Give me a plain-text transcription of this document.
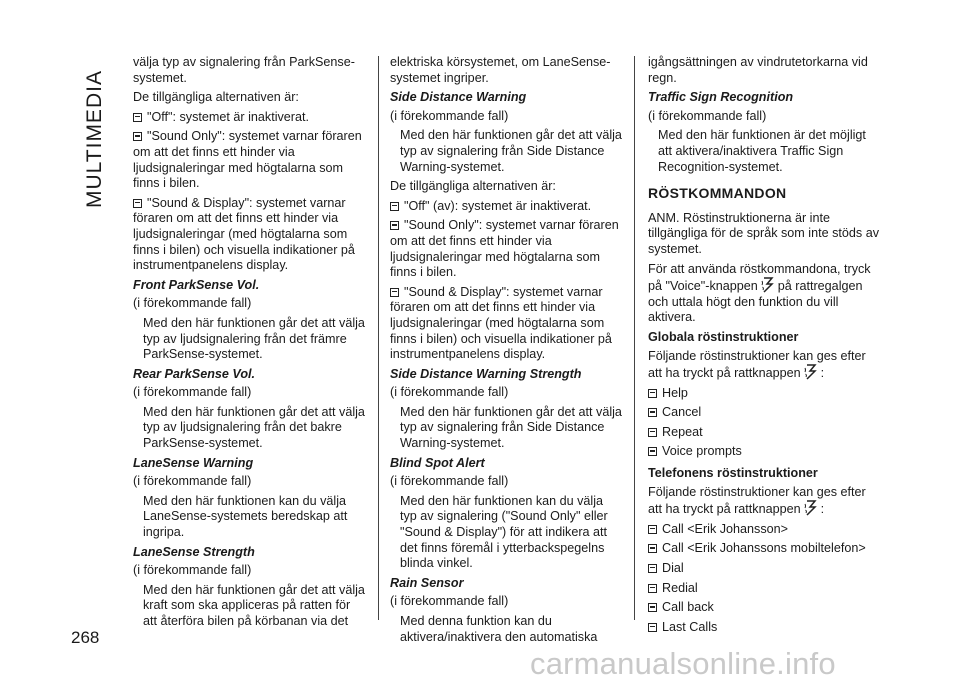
MULTIMEDIA
268

välja typ av signalering från ParkSense-systemet.

De tillgängliga alternativen är:

"Off": systemet är inaktiverat.

"Sound Only": systemet varnar föraren om att det finns ett hinder via ljudsignaleringar med högtalarna som finns i bilen.

"Sound & Display": systemet varnar föraren om att det finns ett hinder via ljudsignaleringar (med högtalarna som finns i bilen) och visuella indikationer på instrumentpanelens display.

Front ParkSense Vol.

(i förekommande fall)

Med den här funktionen går det att välja typ av ljudsignalering från det främre ParkSense-systemet.

Rear ParkSense Vol.

(i förekommande fall)

Med den här funktionen går det att välja typ av ljudsignalering från det bakre ParkSense-systemet.

LaneSense Warning

(i förekommande fall)

Med den här funktionen kan du välja LaneSense-systemets beredskap att ingripa.

LaneSense Strength

(i förekommande fall)

Med den här funktionen går det att välja kraft som ska appliceras på ratten för att återföra bilen på körbanan via det

elektriska körsystemet, om LaneSense-systemet ingriper.

Side Distance Warning

(i förekommande fall)

Med den här funktionen går det att välja typ av signalering från Side Distance Warning-systemet.

De tillgängliga alternativen är:

"Off" (av): systemet är inaktiverat.

"Sound Only": systemet varnar föraren om att det finns ett hinder via ljudsignaleringar med högtalarna som finns i bilen.

"Sound & Display": systemet varnar föraren om att det finns ett hinder via ljudsignaleringar (med högtalarna som finns i bilen) och visuella indikationer på instrumentpanelens display.

Side Distance Warning Strength

(i förekommande fall)

Med den här funktionen går det att välja typ av signalering från Side Distance Warning-systemet.

Blind Spot Alert

(i förekommande fall)

Med den här funktionen kan du välja typ av signalering ("Sound Only" eller "Sound & Display") för att indikera att det finns föremål i ytterbackspegelns blinda vinkel.

Rain Sensor

(i förekommande fall)

Med denna funktion kan du aktivera/inaktivera den automatiska

igångsättningen av vindrutetorkarna vid regn.

Traffic Sign Recognition

(i förekommande fall)

Med den här funktionen är det möjligt att aktivera/inaktivera Traffic Sign Recognition-systemet.

RÖSTKOMMANDON

ANM. Röstinstruktionerna är inte tillgängliga för de språk som inte stöds av systemet.

För att använda röstkommandona, tryck på "Voice"-knappen på rattregalgen och uttala högt den funktion du vill aktivera.

Globala röstinstruktioner

Följande röstinstruktioner kan ges efter att ha tryckt på rattknappen :

Help

Cancel

Repeat

Voice prompts

Telefonens röstinstruktioner

Följande röstinstruktioner kan ges efter att ha tryckt på rattknappen :

Call <Erik Johansson>

Call <Erik Johanssons mobiltelefon>

Dial

Redial

Call back

Last Calls

carmanualsonline.info
